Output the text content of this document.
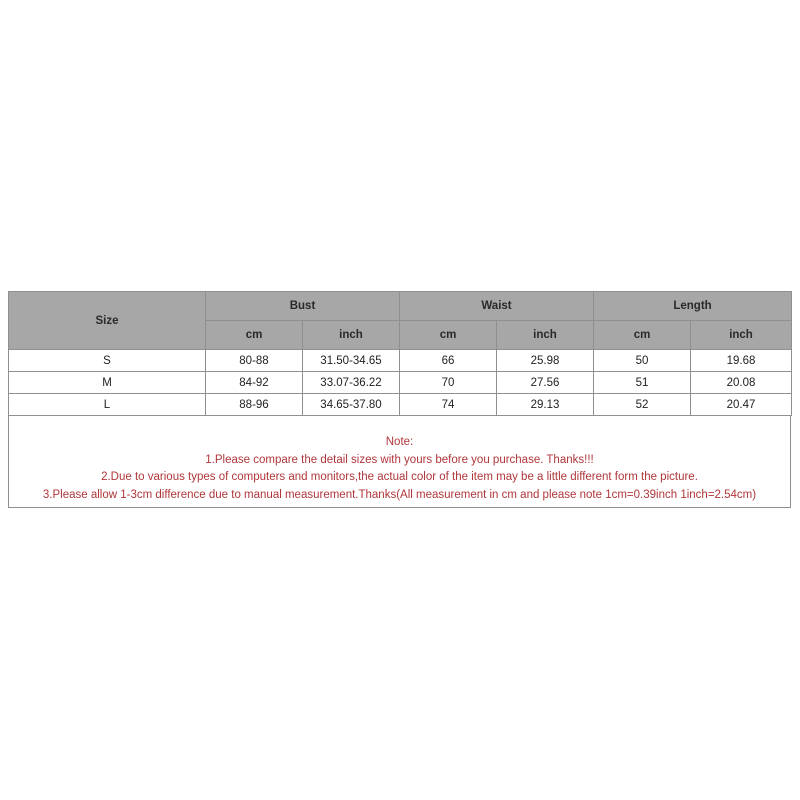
Size	Bust		Waist		Length	
	cm	inch	cm	inch	cm	inch
S	80-88	31.50-34.65	66	25.98	50	19.68
M	84-92	33.07-36.22	70	27.56	51	20.08
L	88-96	34.65-37.80	74	29.13	52	20.47
Note:
1.Please compare the detail sizes with yours before you purchase. Thanks!!!
2.Due to various types of computers and monitors,the actual color of the item may be a little different form the picture.
3.Please allow 1-3cm difference due to manual measurement.Thanks(All measurement in cm and please note 1cm=0.39inch 1inch=2.54cm)
